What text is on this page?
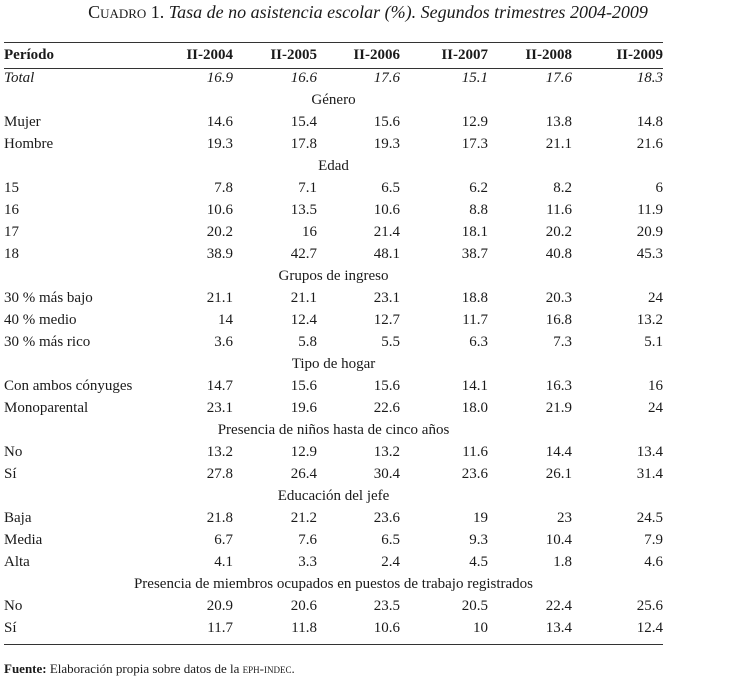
Cuadro 1. Tasa de no asistencia escolar (%). Segundos trimestres 2004-2009
Período	II-2004	II-2005	II-2006	II-2007	II-2008	II-2009
Total	16.9	16.6	17.6	15.1	17.6	18.3
Género						
Mujer	14.6	15.4	15.6	12.9	13.8	14.8
Hombre	19.3	17.8	19.3	17.3	21.1	21.6
Edad						
15	7.8	7.1	6.5	6.2	8.2	6
16	10.6	13.5	10.6	8.8	11.6	11.9
17	20.2	16	21.4	18.1	20.2	20.9
18	38.9	42.7	48.1	38.7	40.8	45.3
Grupos de ingreso						
30 % más bajo	21.1	21.1	23.1	18.8	20.3	24
40 % medio	14	12.4	12.7	11.7	16.8	13.2
30 % más rico	3.6	5.8	5.5	6.3	7.3	5.1
Tipo de hogar						
Con ambos cónyuges	14.7	15.6	15.6	14.1	16.3	16
Monoparental	23.1	19.6	22.6	18.0	21.9	24
Presencia de niños hasta de cinco años						
No	13.2	12.9	13.2	11.6	14.4	13.4
Sí	27.8	26.4	30.4	23.6	26.1	31.4
Educación del jefe						
Baja	21.8	21.2	23.6	19	23	24.5
Media	6.7	7.6	6.5	9.3	10.4	7.9
Alta	4.1	3.3	2.4	4.5	1.8	4.6
Presencia de miembros ocupados en puestos de trabajo registrados						
No	20.9	20.6	23.5	20.5	22.4	25.6
Sí	11.7	11.8	10.6	10	13.4	12.4
Fuente: Elaboración propia sobre datos de la eph-indec.
